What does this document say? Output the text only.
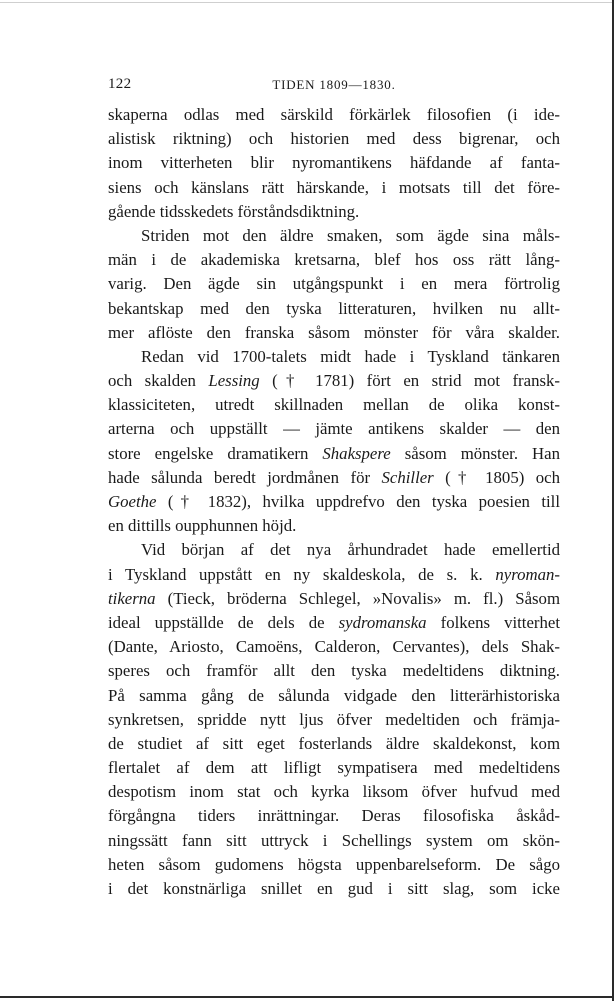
122	TIDEN 1809—1830.
skaperna odlas med särskild förkärlek filosofien (i ide-
alistisk riktning) och historien med dess bigrenar, och
inom vitterheten blir nyromantikens häfdande af fanta-
siens och känslans rätt härskande, i motsats till det före-
gående tidsskedets förståndsdiktning.
Striden mot den äldre smaken, som ägde sina måls-
män i de akademiska kretsarna, blef hos oss rätt lång-
varig. Den ägde sin utgångspunkt i en mera förtrolig
bekantskap med den tyska litteraturen, hvilken nu allt-
mer aflöste den franska såsom mönster för våra skalder.
Redan vid 1700-talets midt hade i Tyskland tänkaren
och skalden Lessing († 1781) fört en strid mot fransk-
klassiciteten, utredt skillnaden mellan de olika konst-
arterna och uppställt — jämte antikens skalder — den
store engelske dramatikern Shakspere såsom mönster. Han
hade sålunda beredt jordmånen för Schiller († 1805) och
Goethe († 1832), hvilka uppdrefvo den tyska poesien till
en dittills oupphunnen höjd.
Vid början af det nya århundradet hade emellertid
i Tyskland uppstått en ny skaldeskola, de s. k. nyroman-
tikerna (Tieck, bröderna Schlegel, »Novalis» m. fl.) Såsom
ideal uppställde de dels de sydromanska folkens vitterhet
(Dante, Ariosto, Camoëns, Calderon, Cervantes), dels Shak-
speres och framför allt den tyska medeltidens diktning.
På samma gång de sålunda vidgade den litterärhistoriska
synkretsen, spridde nytt ljus öfver medeltiden och främja-
de studiet af sitt eget fosterlands äldre skaldekonst, kom
flertalet af dem att lifligt sympatisera med medeltidens
despotism inom stat och kyrka liksom öfver hufvud med
förgångna tiders inrättningar. Deras filosofiska åskåd-
ningssätt fann sitt uttryck i Schellings system om skön-
heten såsom gudomens högsta uppenbarelseform. De sågo
i det konstnärliga snillet en gud i sitt slag, som icke
